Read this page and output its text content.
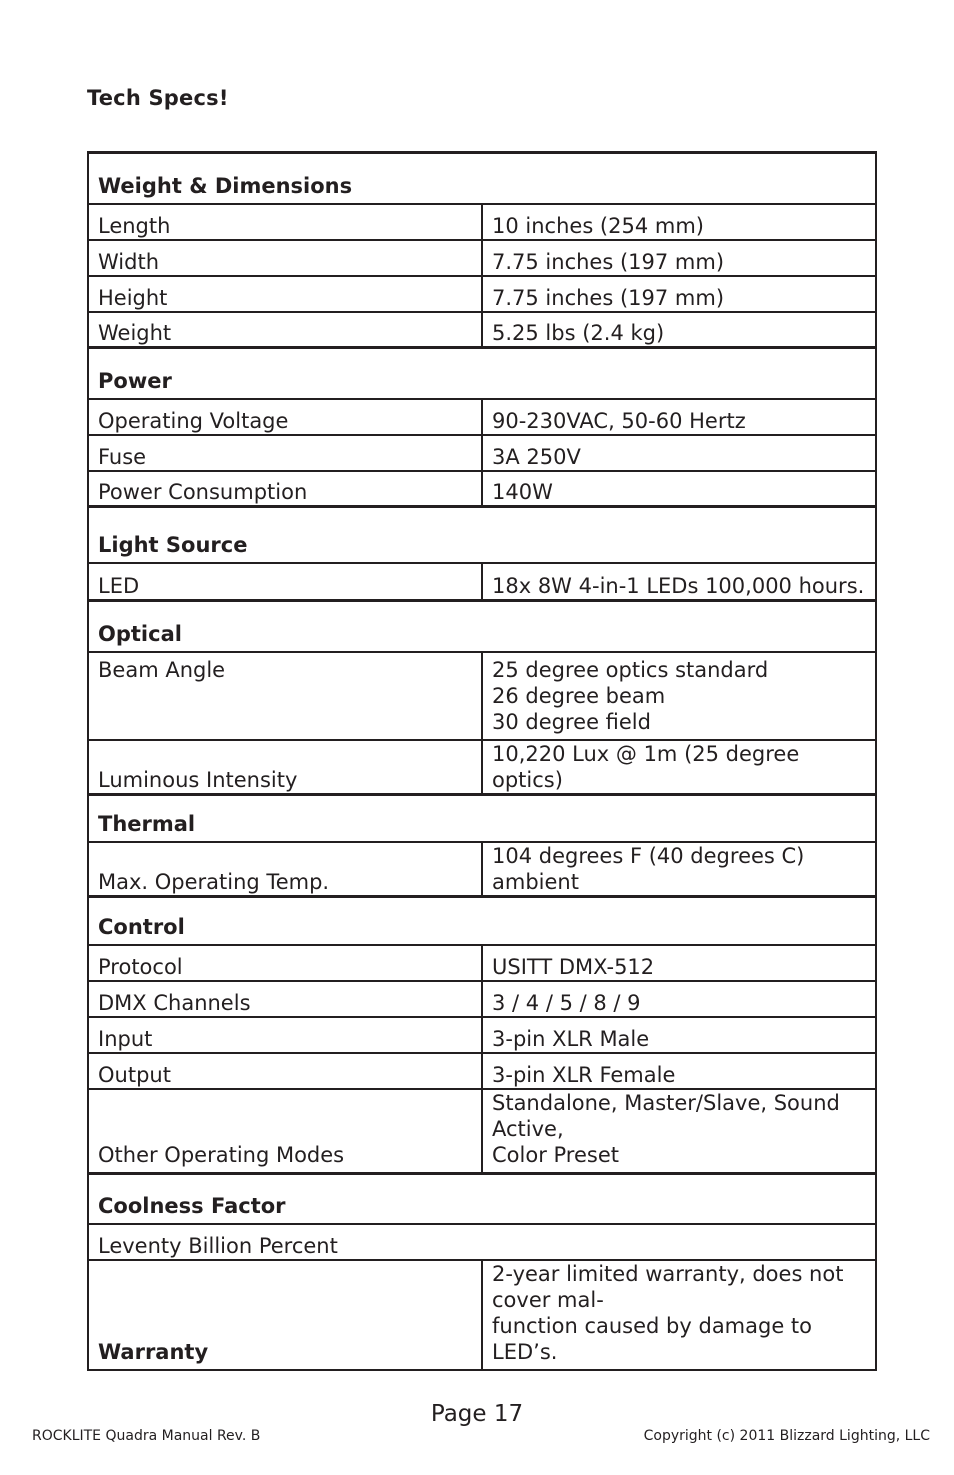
Tech Specs!
Weight & Dimensions	
Length	10 inches (254 mm)
Width	7.75 inches (197 mm)
Height	7.75 inches (197 mm)
Weight	5.25 lbs (2.4 kg)
Power	
Operating Voltage	90-230VAC, 50-60 Hertz
Fuse	3A 250V
Power Consumption	140W
Light Source	
LED	18x 8W 4-in-1 LEDs 100,000 hours.
Optical	
Beam Angle	25 degree optics standard
26 degree beam
30 degree field
Luminous Intensity	10,220 Lux @ 1m (25 degree optics)
Thermal	
Max. Operating Temp.	104 degrees F (40 degrees C) ambient
Control	
Protocol	USITT DMX-512
DMX Channels	3 / 4 / 5 / 8 / 9
Input	3-pin XLR Male
Output	3-pin XLR Female
Other Operating Modes	Standalone, Master/Slave, Sound Active,
Color Preset
Coolness Factor	
Leventy Billion Percent	
Warranty	2-year limited warranty, does not cover mal-
function caused by damage to LED’s.
Page 17
ROCKLITE Quadra Manual Rev. B	Copyright (c) 2011 Blizzard Lighting, LLC
